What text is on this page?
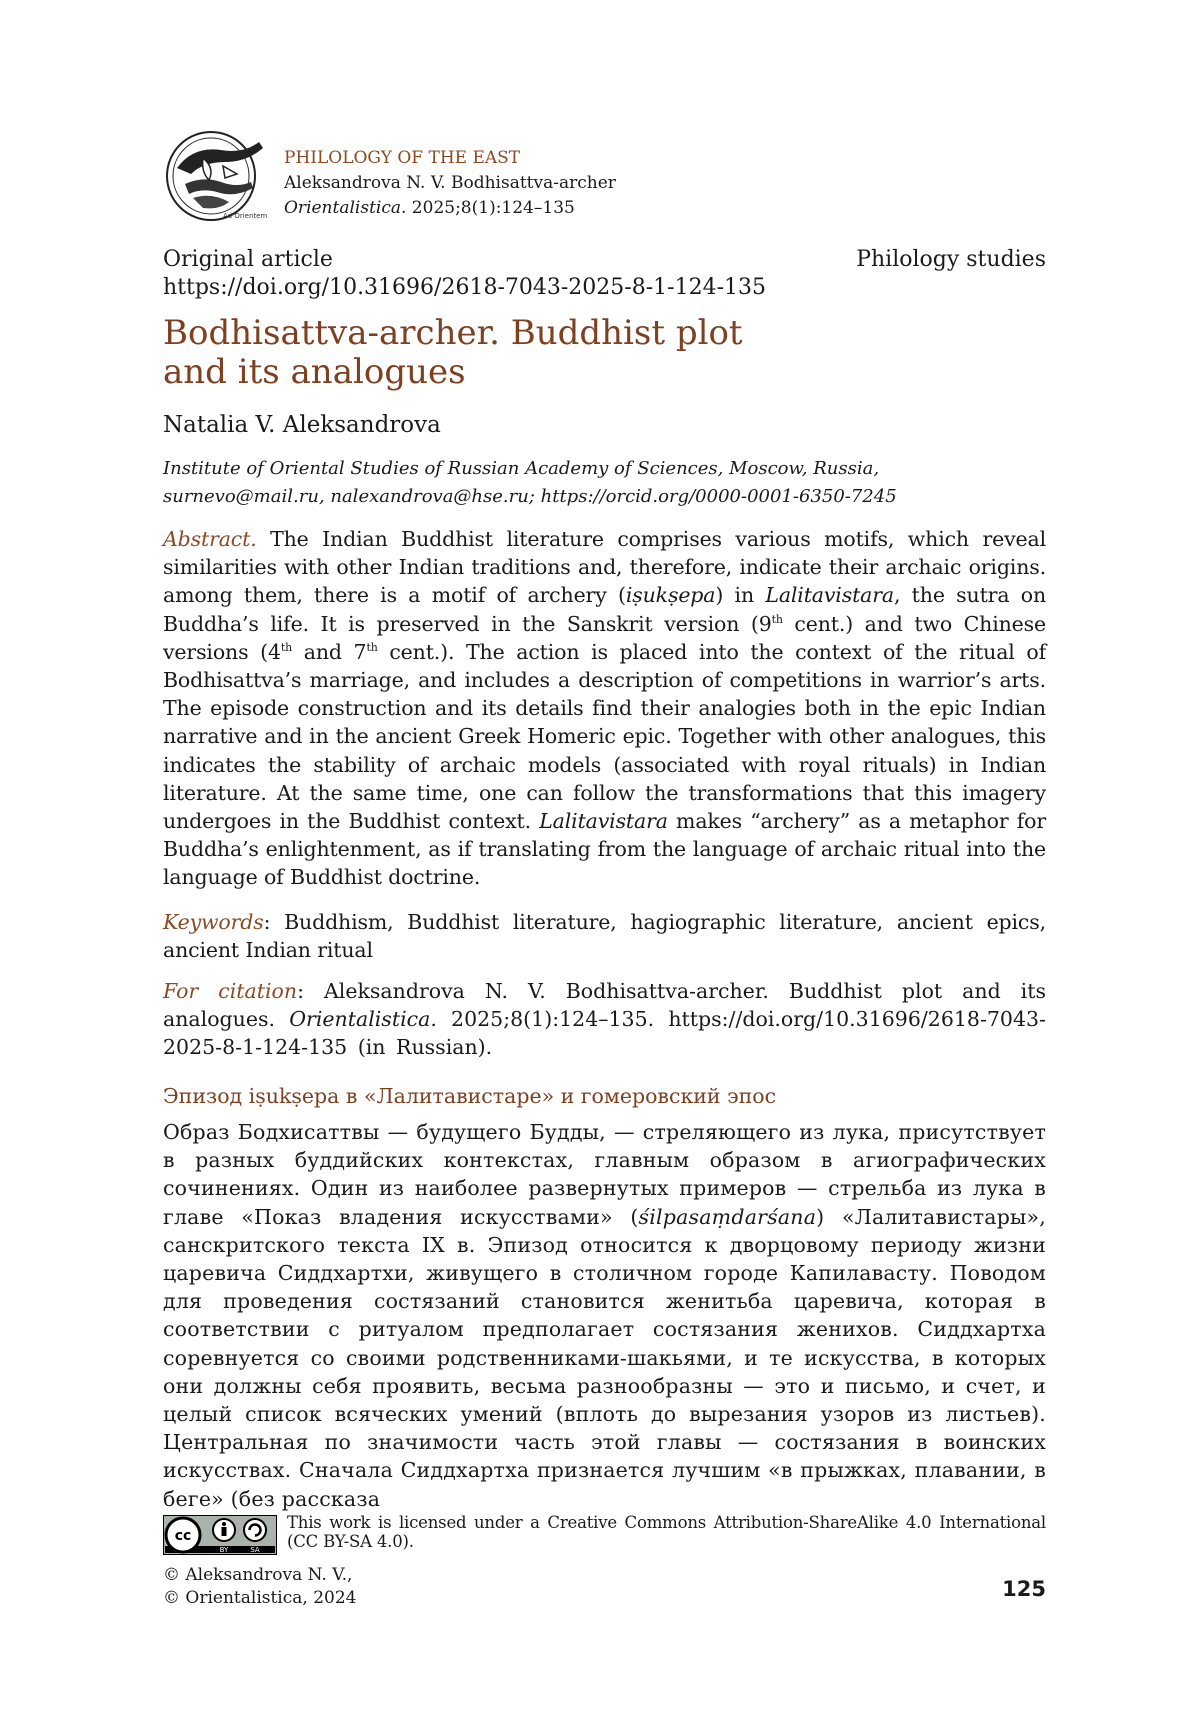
Ad Orientem
PHILOLOGY OF THE EAST
Aleksandrova N. V. Bodhisattva-archer
Orientalistica. 2025;8(1):124–135
Original article
https://doi.org/10.31696/2618-7043-2025-8-1-124-135
Philology studies
Bodhisattva-archer. Buddhist plot
and its analogues
Natalia V. Aleksandrova
Institute of Oriental Studies of Russian Academy of Sciences, Moscow, Russia,
surnevo@mail.ru, nalexandrova@hse.ru; https://orcid.org/0000-0001-6350-7245
Abstract. The Indian Buddhist literature comprises various motifs, which reveal similarities with other Indian traditions and, therefore, indicate their archaic origins. among them, there is a motif of archery (iṣukṣepa) in Lalitavistara, the sutra on Buddha’s life. It is preserved in the Sanskrit version (9th cent.) and two Chinese versions (4th and 7th cent.). The action is placed into the context of the ritual of Bodhisattva’s marriage, and includes a description of competitions in warrior’s arts. The episode construction and its details find their analogies both in the epic Indian narrative and in the ancient Greek Homeric epic. Together with other analogues, this indicates the stability of archaic models (associated with royal rituals) in Indian literature. At the same time, one can follow the transformations that this imagery undergoes in the Buddhist context. Lalitavistara makes “archery” as a metaphor for Buddha’s enlightenment, as if translating from the language of archaic ritual into the language of Buddhist doctrine.
Keywords: Buddhism, Buddhist literature, hagiographic literature, ancient epics, ancient Indian ritual
For citation: Aleksandrova N. V. Bodhisattva-archer. Buddhist plot and its analogues. Orientalistica. 2025;8(1):124–135. https://doi.org/10.31696/2618-7043-2025-8-1-124-135 (in Russian).
Эпизод iṣukṣepa в «Лалитавистаре» и гомеровский эпос
Образ Бодхисаттвы — будущего Будды, — стреляющего из лука, присутствует в разных буддийских контекстах, главным образом в агиографических сочинениях. Один из наиболее развернутых примеров — стрельба из лука в главе «Показ владения искусствами» (śilpasaṃdarśana) «Лалитавистары», санскритского текста IX в. Эпизод относится к дворцовому периоду жизни царевича Сиддхартхи, живущего в столичном городе Капилавасту. Поводом для проведения состязаний становится женитьба царевича, которая в соответствии с ритуалом предполагает состязания женихов. Сиддхартха соревнуется со своими родственниками-шакьями, и те искусства, в которых они должны себя проявить, весьма разнообразны — это и письмо, и счет, и целый список всяческих умений (вплоть до вырезания узоров из листьев). Центральная по значимости часть этой главы — состязания в воинских искусствах. Сначала Сиддхартха признается лучшим «в прыжках, плавании, в беге» (без рассказа
cc
BY	SA
This work is licensed under a Creative Commons Attribution-ShareAlike 4.0 International (CC BY-SA 4.0).
© Aleksandrova N. V.,
© Orientalistica, 2024	125
